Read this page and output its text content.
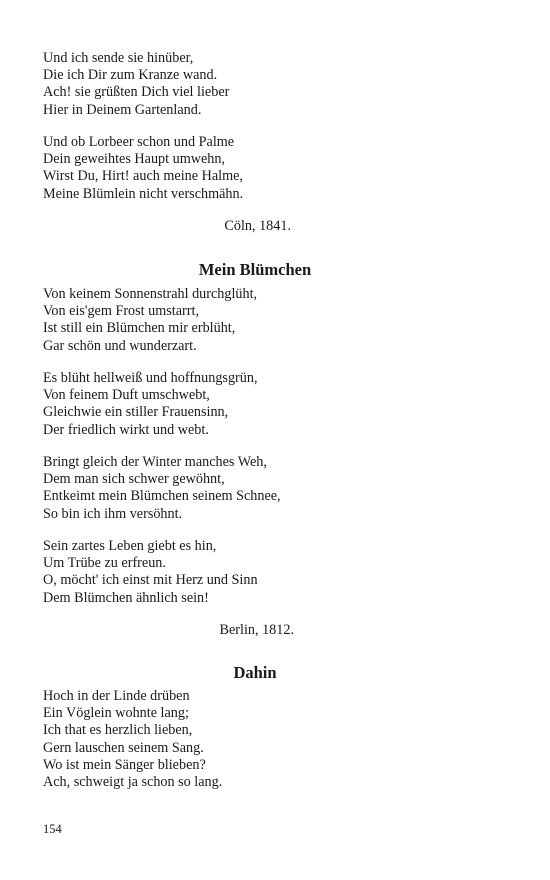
Und ich sende sie hinüber,
Die ich Dir zum Kranze wand.
Ach! sie grüßten Dich viel lieber
Hier in Deinem Gartenland.
Und ob Lorbeer schon und Palme
Dein geweihtes Haupt umwehn,
Wirst Du, Hirt! auch meine Halme,
Meine Blümlein nicht verschmähn.
Cöln, 1841.
Mein Blümchen
Von keinem Sonnenstrahl durchglüht,
Von eis'gem Frost umstarrt,
Ist still ein Blümchen mir erblüht,
Gar schön und wunderzart.
Es blüht hellweiß und hoffnungsgrün,
Von feinem Duft umschwebt,
Gleichwie ein stiller Frauensinn,
Der friedlich wirkt und webt.
Bringt gleich der Winter manches Weh,
Dem man sich schwer gewöhnt,
Entkeimt mein Blümchen seinem Schnee,
So bin ich ihm versöhnt.
Sein zartes Leben giebt es hin,
Um Trübe zu erfreun.
O, möcht' ich einst mit Herz und Sinn
Dem Blümchen ähnlich sein!
Berlin, 1812.
Dahin
Hoch in der Linde drüben
Ein Vöglein wohnte lang;
Ich that es herzlich lieben,
Gern lauschen seinem Sang.
Wo ist mein Sänger blieben?
Ach, schweigt ja schon so lang.
154
